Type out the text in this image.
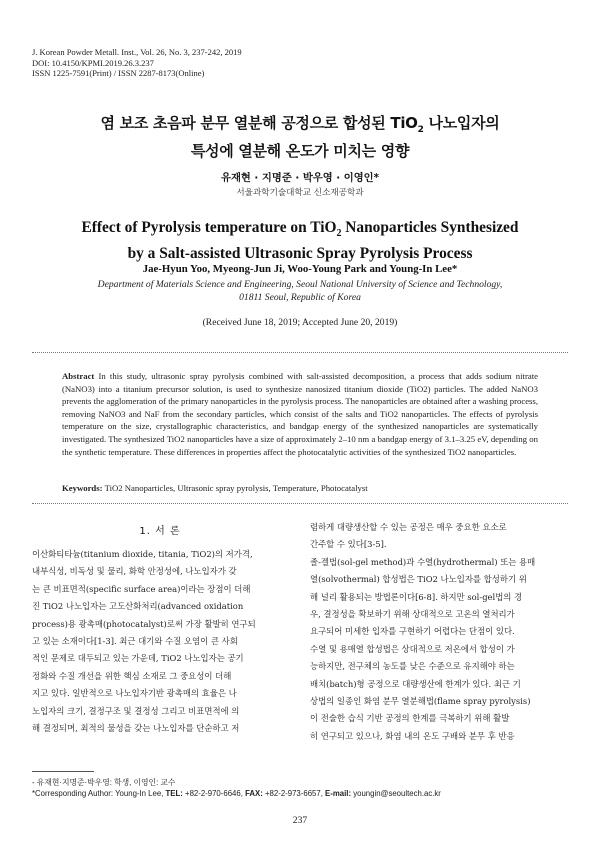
J. Korean Powder Metall. Inst., Vol. 26, No. 3, 237-242, 2019
DOI: 10.4150/KPMI.2019.26.3.237
ISSN 1225-7591(Print) / ISSN 2287-8173(Online)
염 보조 초음파 분무 열분해 공정으로 합성된 TiO$_2$ 나노입자의
특성에 열분해 온도가 미치는 영향
유재현 · 지명준 · 박우영 · 이영인*
서울과학기술대학교 신소재공학과
Effect of Pyrolysis temperature on TiO$_2$ Nanoparticles Synthesized
by a Salt-assisted Ultrasonic Spray Pyrolysis Process
Jae-Hyun Yoo, Myeong-Jun Ji, Woo-Young Park and Young-In Lee*
Department of Materials Science and Engineering, Seoul National University of Science and Technology,
01811 Seoul, Republic of Korea
(Received June 18, 2019; Accepted June 20, 2019)
Abstract In this study, ultrasonic spray pyrolysis combined with salt-assisted decomposition, a process that adds sodium nitrate (NaNO3) into a titanium precursor solution, is used to synthesize nanosized titanium dioxide (TiO2) particles. The added NaNO3 prevents the agglomeration of the primary nanoparticles in the pyrolysis process. The nanoparticles are obtained after a washing process, removing NaNO3 and NaF from the secondary particles, which consist of the salts and TiO2 nanoparticles. The effects of pyrolysis temperature on the size, crystallographic characteristics, and bandgap energy of the synthesized nanoparticles are systematically investigated. The synthesized TiO2 nanoparticles have a size of approximately 2–10 nm a bandgap energy of 3.1–3.25 eV, depending on the synthetic temperature. These differences in properties affect the photocatalytic activities of the synthesized TiO2 nanoparticles.
Keywords: TiO2 Nanoparticles, Ultrasonic spray pyrolysis, Temperature, Photocatalyst
1. 서 론
이산화티타늄(titanium dioxide, titania, TiO2)의 저가격,
내부식성, 비독성 및 물리, 화학 안정성에, 나노입자가 갖
는 큰 비표면적(specific surface area)이라는 장점이 더해
진 TiO2 나노입자는 고도산화처리(advanced oxidation
process)용 광촉매(photocatalyst)로써 가장 활발히 연구되
고 있는 소재이다[1-3]. 최근 대기와 수질 오염이 큰 사회
적인 문제로 대두되고 있는 가운데, TiO2 나노입자는 공기
정화와 수질 개선을 위한 핵심 소재로 그 중요성이 더해
지고 있다. 일반적으로 나노입자기반 광촉매의 효율은 나
노입자의 크기, 결정구조 및 결정성 그리고 비표면적에 의
해 결정되며, 최적의 물성을 갖는 나노입자를 단순하고 저
렴하게 대량생산할 수 있는 공정은 매우 중요한 요소로
간주할 수 있다[3-5].
졸-겔법(sol-gel method)과 수열(hydrothermal) 또는 용매
열(solvothermal) 합성법은 TiO2 나노입자를 합성하기 위
해 널리 활용되는 방법론이다[6-8]. 하지만 sol-gel법의 경
우, 결정성을 확보하기 위해 상대적으로 고온의 열처리가
요구되어 미세한 입자를 구현하기 어렵다는 단점이 있다.
수열 및 용매열 합성법은 상대적으로 저온에서 합성이 가
능하지만, 전구체의 농도를 낮은 수준으로 유지해야 하는
배치(batch)형 공정으로 대량생산에 한계가 있다. 최근 기
상법의 일종인 화염 분무 열분해법(flame spray pyrolysis)
이 전술한 습식 기반 공정의 한계를 극복하기 위해 활발
히 연구되고 있으나, 화염 내의 온도 구배와 분무 후 반응
- 유재현·지명준·박우영: 학생, 이영인: 교수
*Corresponding Author: Young-In Lee, TEL: +82-2-970-6646, FAX: +82-2-973-6657, E-mail: youngin@seoultech.ac.kr
237
